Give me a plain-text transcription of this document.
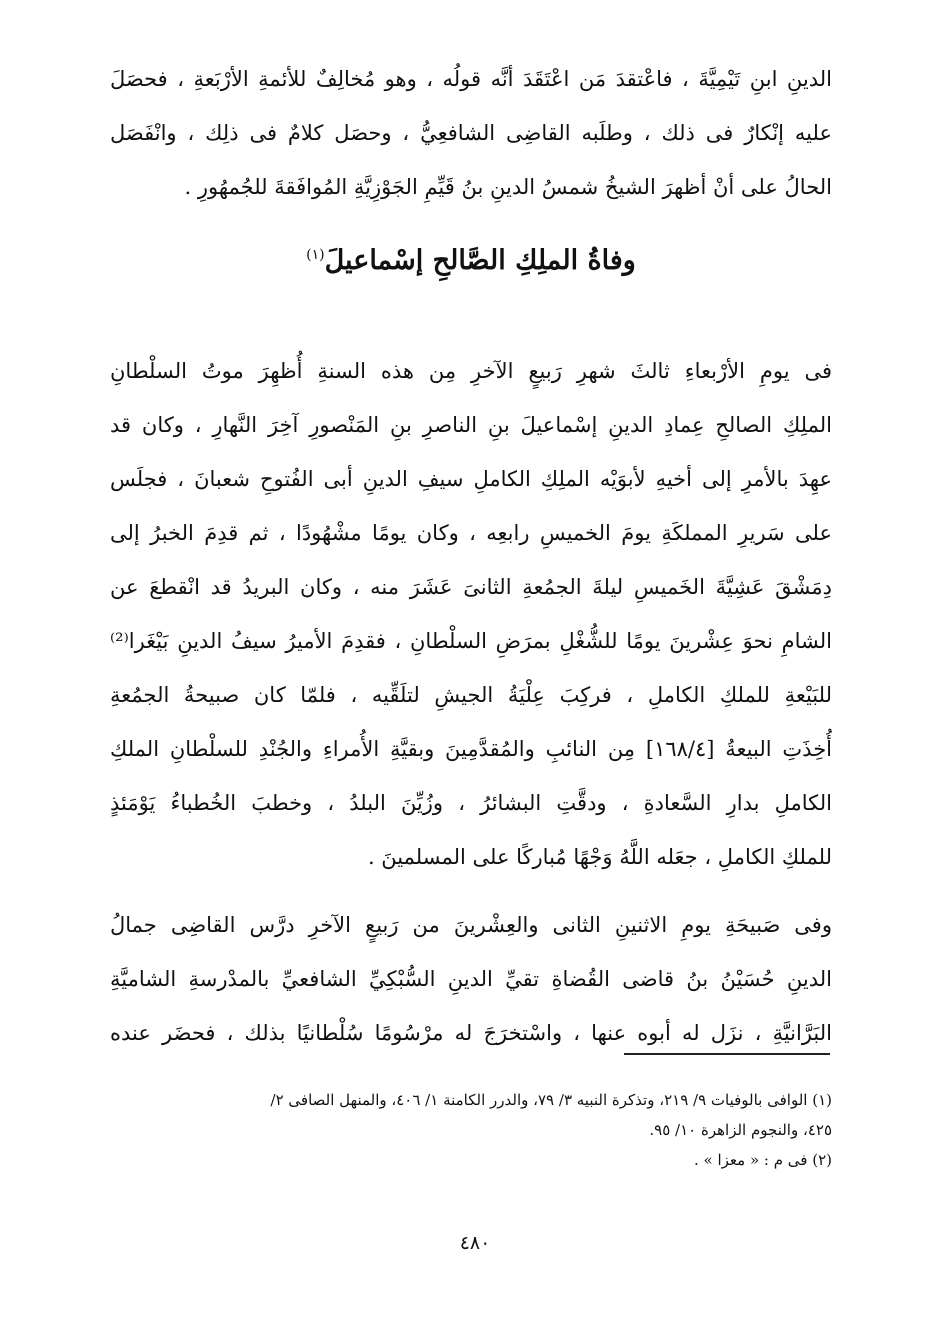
الدينِ ابنِ تَيْمِيَّةَ ، فاعْتقدَ مَن اعْتَقَدَ أنَّه قولُه ، وهو مُخالِفٌ للأئمةِ الأرْبَعةِ ، فحصَلَ
عليه إنْكارٌ فى ذلك ، وطلَبه القاضِى الشافعِيُّ ، وحصَل كلامٌ فى ذلِك ، وانْفَصَل
الحالُ على أنْ أظهرَ الشيخُ شمسُ الدينِ بنُ قَيِّمِ الجَوْزِيَّةِ المُوافَقةَ للجُمهُورِ .
وفاةُ الملِكِ الصَّالحِ إسْماعيلَ$^{(١)}$
فى يومِ الأرْبعاءِ ثالثَ شهرِ رَبيعٍ الآخرِ مِن هذه السنةِ أُظهِرَ موتُ السلْطانِ
الملِكِ الصالحِ عِمادِ الدينِ إسْماعيلَ بنِ الناصرِ بنِ المَنْصورِ آخِرَ النَّهارِ ، وكان قد
عهِدَ بالأمرِ إلى أخيهِ لأبوَيْه الملِكِ الكاملِ سيفِ الدينِ أبى الفُتوحِ شعبانَ ، فجلَس
على سَريرِ المملكَةِ يومَ الخميسِ رابعِه ، وكان يومًا مشْهُودًا ، ثم قدِمَ الخبرُ إلى
دِمَشْقَ عَشِيَّةَ الخَميسِ ليلةَ الجمُعةِ الثانىَ عَشَرَ منه ، وكان البريدُ قد انْقطعَ عن
الشامِ نحوَ عِشْرينَ يومًا للشُّغْلِ بمرَضِ السلْطانِ ، فقدِمَ الأميرُ سيفُ الدينِ بَيْغَرا⁽²⁾
للبَيْعةِ للملكِ الكاملِ ، فركِبَ عِلْيَةُ الجيشِ لتلَقِّيه ، فلمّا كان صبيحةُ الجمُعةِ
أُخِذَتِ البيعةُ [١٦٨/٤] مِن النائبِ والمُقدَّمِينَ وبقيَّةِ الأُمراءِ والجُنْدِ للسلْطانِ الملكِ
الكاملِ بدارِ السَّعادةِ ، ودقَّتِ البشائرُ ، وزُيِّنَ البلدُ ، وخطبَ الخُطباءُ يَوْمَئذٍ
للملكِ الكاملِ ، جعَله اللَّهُ وَجْهًا مُباركًا على المسلمينَ .
وفى صَبيحَةِ يومِ الاثنينِ الثانى والعِشْرينَ من رَبيعٍ الآخرِ درَّس القاضِى جمالُ
الدينِ حُسَيْنُ بنُ قاضى القُضاةِ تقيِّ الدينِ السُّبْكِيِّ الشافعيِّ بالمدْرسةِ الشاميَّةِ
البَرَّانيَّةِ ، نزَل له أبوه عنها ، واسْتخرَجَ له مرْسُومًا سُلْطانيًا بذلك ، فحضَر عنده
(١) الوافى بالوفيات ٩/ ٢١٩، وتذكرة النبيه ٣/ ٧٩، والدرر الكامنة ١/ ٤٠٦، والمنهل الصافى ٢/
٤٢٥، والنجوم الزاهرة ١٠/ ٩٥.
(٢) فى م : « معزا » .
٤٨٠
